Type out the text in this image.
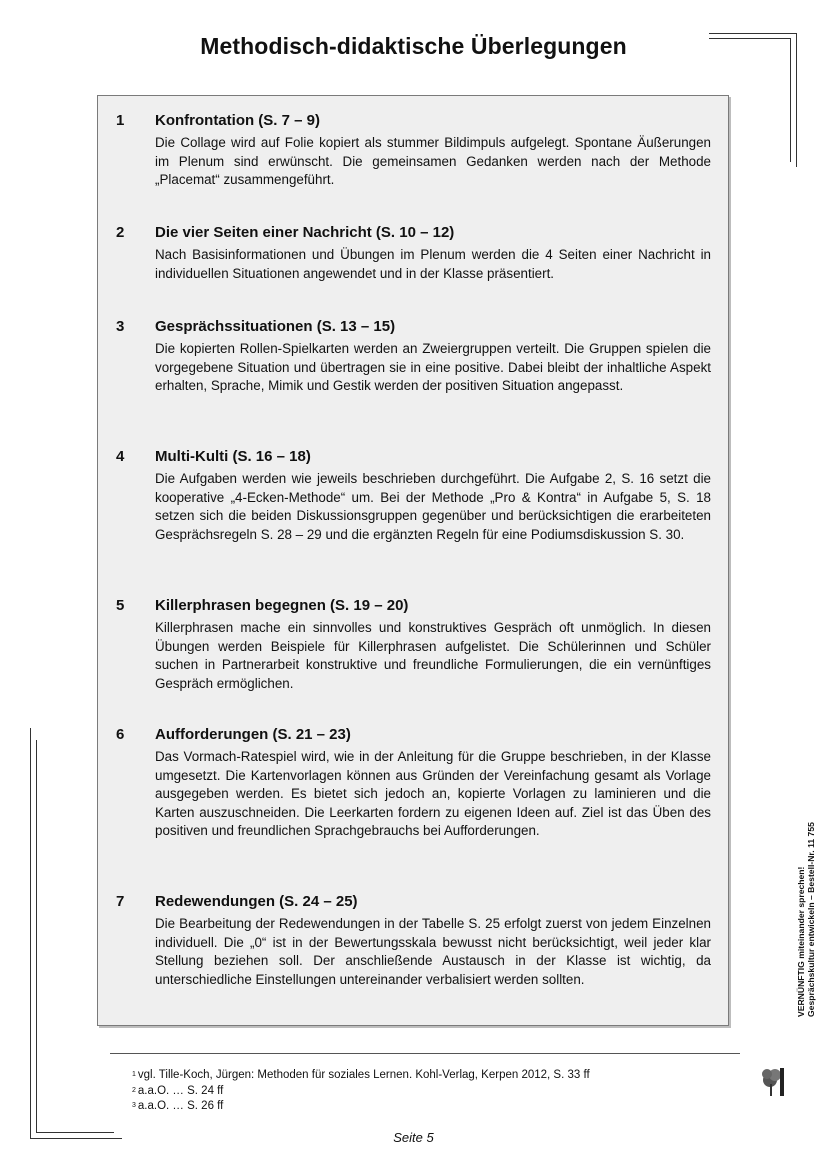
Methodisch-didaktische Überlegungen
1 Konfrontation (S. 7 – 9)
Die Collage wird auf Folie kopiert als stummer Bildimpuls aufgelegt. Spontane Äußerungen im Plenum sind erwünscht. Die gemeinsamen Gedanken werden nach der Methode „Placemat“ zusammengeführt.
2 Die vier Seiten einer Nachricht (S. 10 – 12)
Nach Basisinformationen und Übungen im Plenum werden die 4 Seiten einer Nachricht in individuellen Situationen angewendet und in der Klasse präsentiert.
3 Gesprächssituationen (S. 13 – 15)
Die kopierten Rollen-Spielkarten werden an Zweiergruppen verteilt. Die Gruppen spielen die vorgegebene Situation und übertragen sie in eine positive. Dabei bleibt der inhaltliche Aspekt erhalten, Sprache, Mimik und Gestik werden der positiven Situation angepasst.
4 Multi-Kulti (S. 16 – 18)
Die Aufgaben werden wie jeweils beschrieben durchgeführt. Die Aufgabe 2, S. 16 setzt die kooperative „4-Ecken-Methode“ um. Bei der Methode „Pro & Kontra“ in Aufgabe 5, S. 18 setzen sich die beiden Diskussionsgruppen gegenüber und berücksichtigen die erarbeiteten Gesprächsregeln S. 28 – 29 und die ergänzten Regeln für eine Podiumsdiskussion S. 30.
5 Killerphrasen begegnen (S. 19 – 20)
Killerphrasen mache ein sinnvolles und konstruktives Gespräch oft unmöglich. In diesen Übungen werden Beispiele für Killerphrasen aufgelistet. Die Schülerinnen und Schüler suchen in Partnerarbeit konstruktive und freundliche Formulierungen, die ein vernünftiges Gespräch ermöglichen.
6 Aufforderungen (S. 21 – 23)
Das Vormach-Ratespiel wird, wie in der Anleitung für die Gruppe beschrieben, in der Klasse umgesetzt. Die Kartenvorlagen können aus Gründen der Vereinfachung gesamt als Vorlage ausgegeben werden. Es bietet sich jedoch an, kopierte Vorlagen zu laminieren und die Karten auszuschneiden. Die Leerkarten fordern zu eigenen Ideen auf. Ziel ist das Üben des positiven und freundlichen Sprachgebrauchs bei Aufforderungen.
7 Redewendungen (S. 24 – 25)
Die Bearbeitung der Redewendungen in der Tabelle S. 25 erfolgt zuerst von jedem Einzelnen individuell. Die „0“ ist in der Bewertungsskala bewusst nicht berücksichtigt, weil jeder klar Stellung beziehen soll. Der anschließende Austausch in der Klasse ist wichtig, da unterschiedliche Einstellungen untereinander verbalisiert werden sollten.
$^1$ vgl. Tille-Koch, Jürgen: Methoden für soziales Lernen. Kohl-Verlag, Kerpen 2012, S. 33 ff
$^2$ a.a.O. … S. 24 ff
$^3$ a.a.O. … S. 26 ff
VERNÜNFTIG miteinander sprechen! Gesprächskultur entwickeln – Bestell-Nr. 11 755
Seite 5
